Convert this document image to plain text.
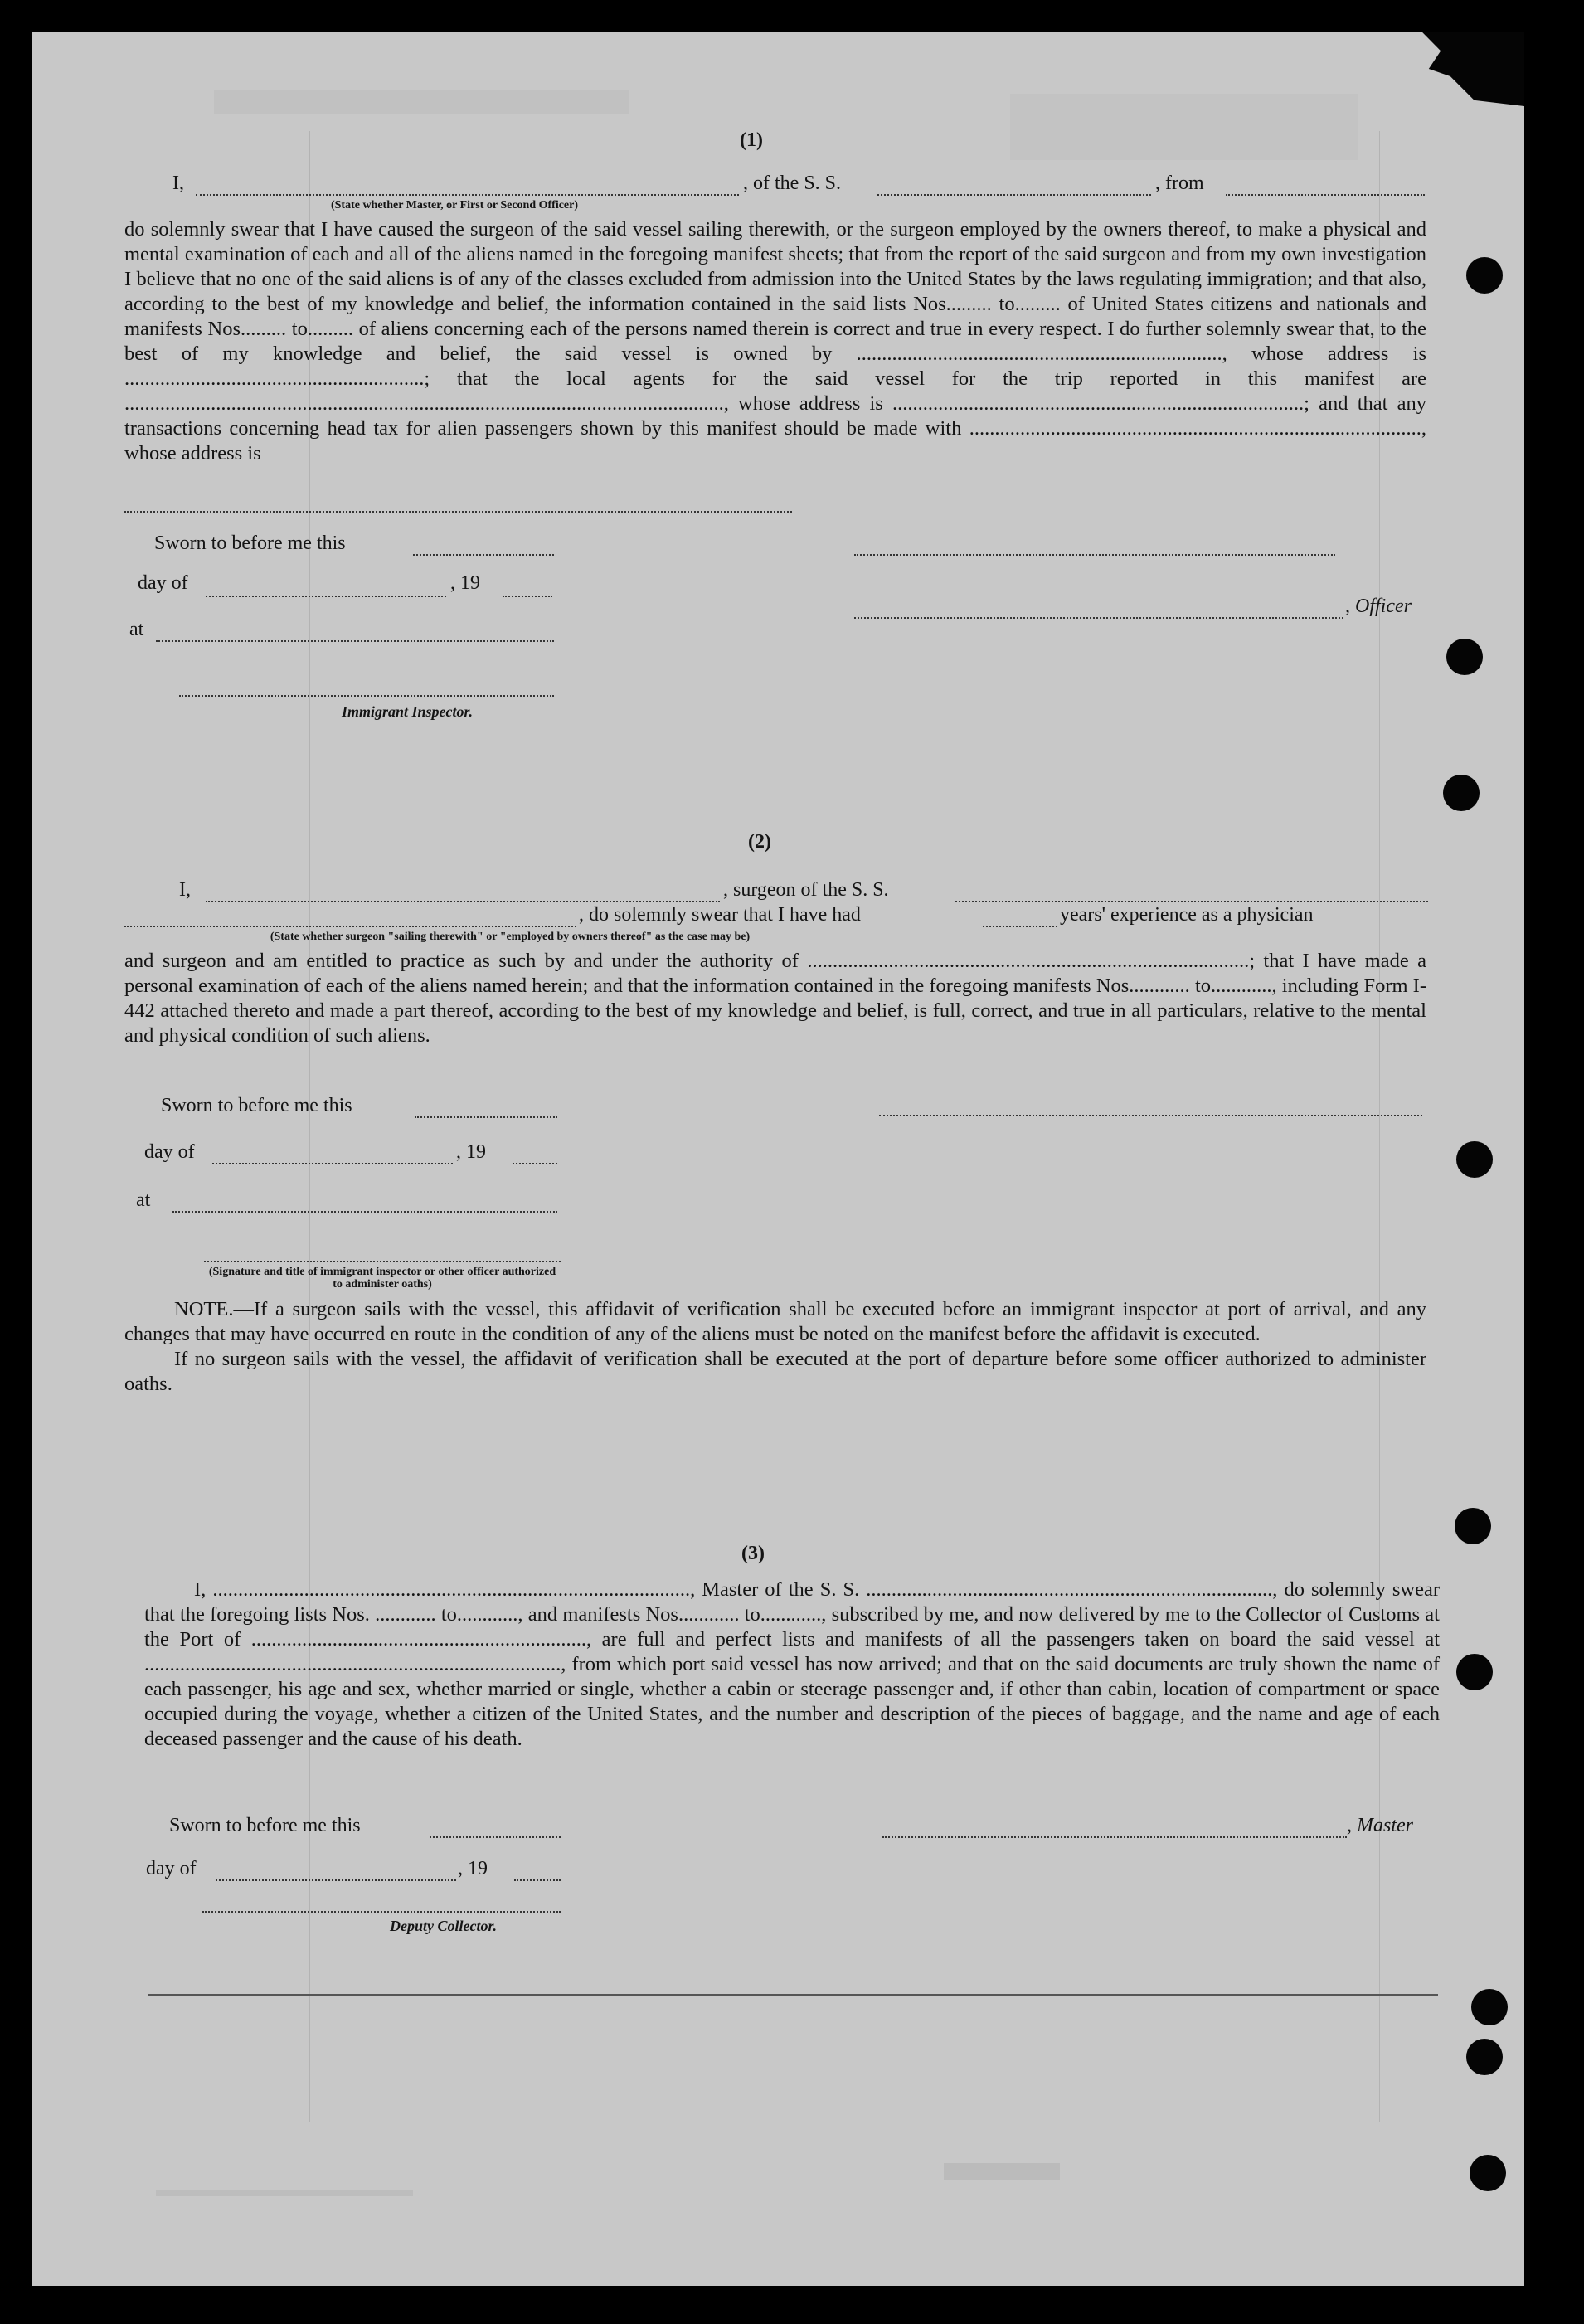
(1)
I,	, of the S. S.	, from
(State whether Master, or First or Second Officer)

do solemnly swear that I have caused the surgeon of the said vessel sailing therewith, or the surgeon employed by the owners thereof, to make a physical and mental examination of each and all of the aliens named in the foregoing manifest sheets; that from the report of the said surgeon and from my own investigation I believe that no one of the said aliens is of any of the classes excluded from admission into the United States by the laws regulating immigration; and that also, according to the best of my knowledge and belief, the information contained in the said lists Nos......... to......... of United States citizens and nationals and manifests Nos......... to......... of aliens concerning each of the persons named therein is correct and true in every respect. I do further solemnly swear that, to the best of my knowledge and belief, the said vessel is owned by ........................................................................, whose address is ...........................................................; that the local agents for the said vessel for the trip reported in this manifest are ......................................................................................................................, whose address is .................................................................................; and that any transactions concerning head tax for alien passengers shown by this manifest should be made with ........................................................................................., whose address is

Sworn to before me this
day of	, 19
, Officer
at
Immigrant Inspector.
(2)
I,	, surgeon of the S. S.
, do solemnly swear that I have had	years' experience as a physician
(State whether surgeon "sailing therewith" or "employed by owners thereof" as the case may be)

and surgeon and am entitled to practice as such by and under the authority of .......................................................................................; that I have made a personal examination of each of the aliens named herein; and that the information contained in the foregoing manifests Nos............ to............, including Form I-442 attached thereto and made a part thereof, according to the best of my knowledge and belief, is full, correct, and true in all particulars, relative to the mental and physical condition of such aliens.

Sworn to before me this
day of	, 19
at
(Signature and title of immigrant inspector or other officer authorized to administer oaths)

NOTE.—If a surgeon sails with the vessel, this affidavit of verification shall be executed before an immigrant inspector at port of arrival, and any changes that may have occurred en route in the condition of any of the aliens must be noted on the manifest before the affidavit is executed.

If no surgeon sails with the vessel, the affidavit of verification shall be executed at the port of departure before some officer authorized to administer oaths.

(3)

I, .............................................................................................., Master of the S. S. ................................................................................, do solemnly swear that the foregoing lists Nos. ............ to............, and manifests Nos............ to............, subscribed by me, and now delivered by me to the Collector of Customs at the Port of .................................................................., are full and perfect lists and manifests of all the passengers taken on board the said vessel at .................................................................................., from which port said vessel has now arrived; and that on the said documents are truly shown the name of each passenger, his age and sex, whether married or single, whether a cabin or steerage passenger and, if other than cabin, location of compartment or space occupied during the voyage, whether a citizen of the United States, and the number and description of the pieces of baggage, and the name and age of each deceased passenger and the cause of his death.

Sworn to before me this	, Master
day of	, 19
Deputy Collector.
